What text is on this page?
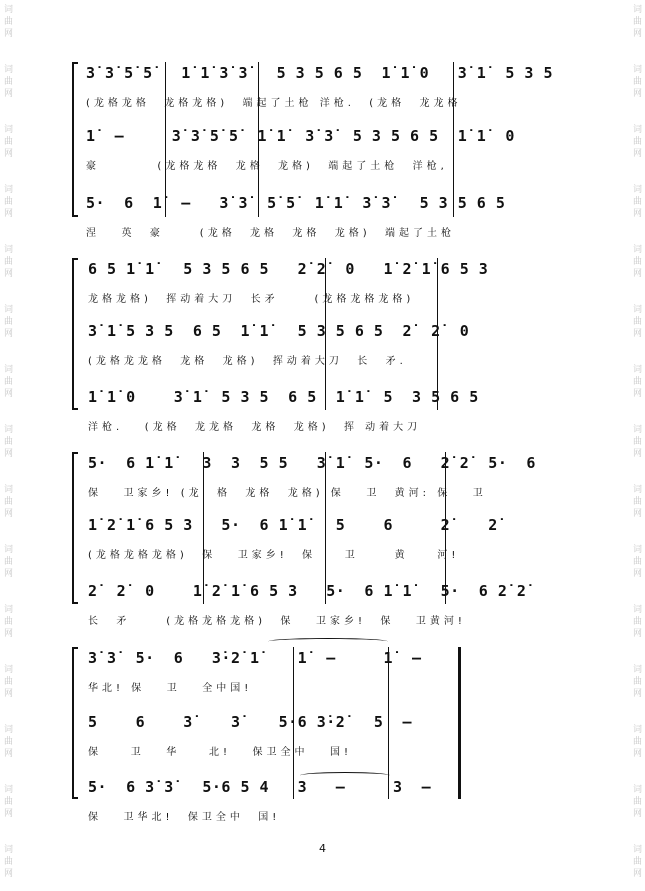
词
曲
网
词
曲
网
词
曲
网
词
曲
网
词
曲
网
词
曲
网
词
曲
网
词
曲
网
词
曲
网
词
曲
网
词
曲
网
词
曲
网
词
曲
网
词
曲
网
词
曲
网
词
曲
网
词
曲
网
词
曲
网
词
曲
网
词
曲
网
词
曲
网
词
曲
网
词
曲
网
词
曲
网
词
曲
网
词
曲
网
词
曲
网
词
曲
网
词
曲
网
词
曲
网
3̇ 3̇ 5̇ 5̇   1̇ 1̇ 3̇ 3̇   5 3 5 6 5  1̇ 1̇ 0   3̇ 1̇  5 3 5
(龙格龙格  龙格龙格)  端起了土枪 洋枪.  (龙格  龙龙格
1̇  —     3̇ 3̇ 5̇ 5̇  1̇ 1̇  3̇ 3̇  5 3 5 6 5  1̇ 1̇  0
豪        (龙格龙格  龙格  龙格)  端起了土枪  洋枪,
5·  6  1̇  —   3̇ 3̇  5̇ 5̇  1̇ 1̇  3̇ 3̇   5 3 5 6 5
涅   英  豪     (龙格  龙格  龙格  龙格)  端起了土枪
6 5 1̇ 1̇   5 3 5 6 5   2̇ 2̇  0   1̇ 2̇ 1̇ 6 5 3
龙格龙格)  挥动着大刀  长矛     (龙格龙格龙格)
3̇ 1̇ 5 3 5  6 5  1̇ 1̇   5 3 5 6 5  2̇  2̇  0
(龙格龙龙格  龙格  龙格)  挥动着大刀  长  矛.
1̇ 1̇ 0    3̇ 1̇  5 3 5  6 5  1̇ 1̇  5  3 5 6 5
洋枪.   (龙格  龙龙格  龙格  龙格)  挥 动着大刀
5·  6 1̇ 1̇   3  3  5 5   3̇ 1̇  5·  6   2̇ 2̇  5·  6
保   卫家乡! (龙  格  龙格  龙格) 保   卫  黄河: 保   卫
1̇ 2̇ 1̇ 6 5 3   5·  6 1̇ 1̇   5    6     2̇    2̇
(龙格龙格龙格)  保   卫家乡!  保    卫     黄    河!
2̇  2̇  0    1̇ 2̇ 1̇ 6 5 3   5·  6 1̇ 1̇   5·  6 2̇ 2̇
长  矛     (龙格龙格龙格)  保   卫家乡!  保   卫黄河!
3̇ 3̇  5·  6   3̇·2̇ 1̇    1̇  —     1̇  —
华北! 保   卫   全中国!
5    6    3̇    3̇    5·6 3̇·2̇   5  —
保    卫   华    北!   保卫全中   国!
5·  6 3̇ 3̇   5·6 5 4   3   —     3  —
保   卫华北!  保卫全中  国!
4
